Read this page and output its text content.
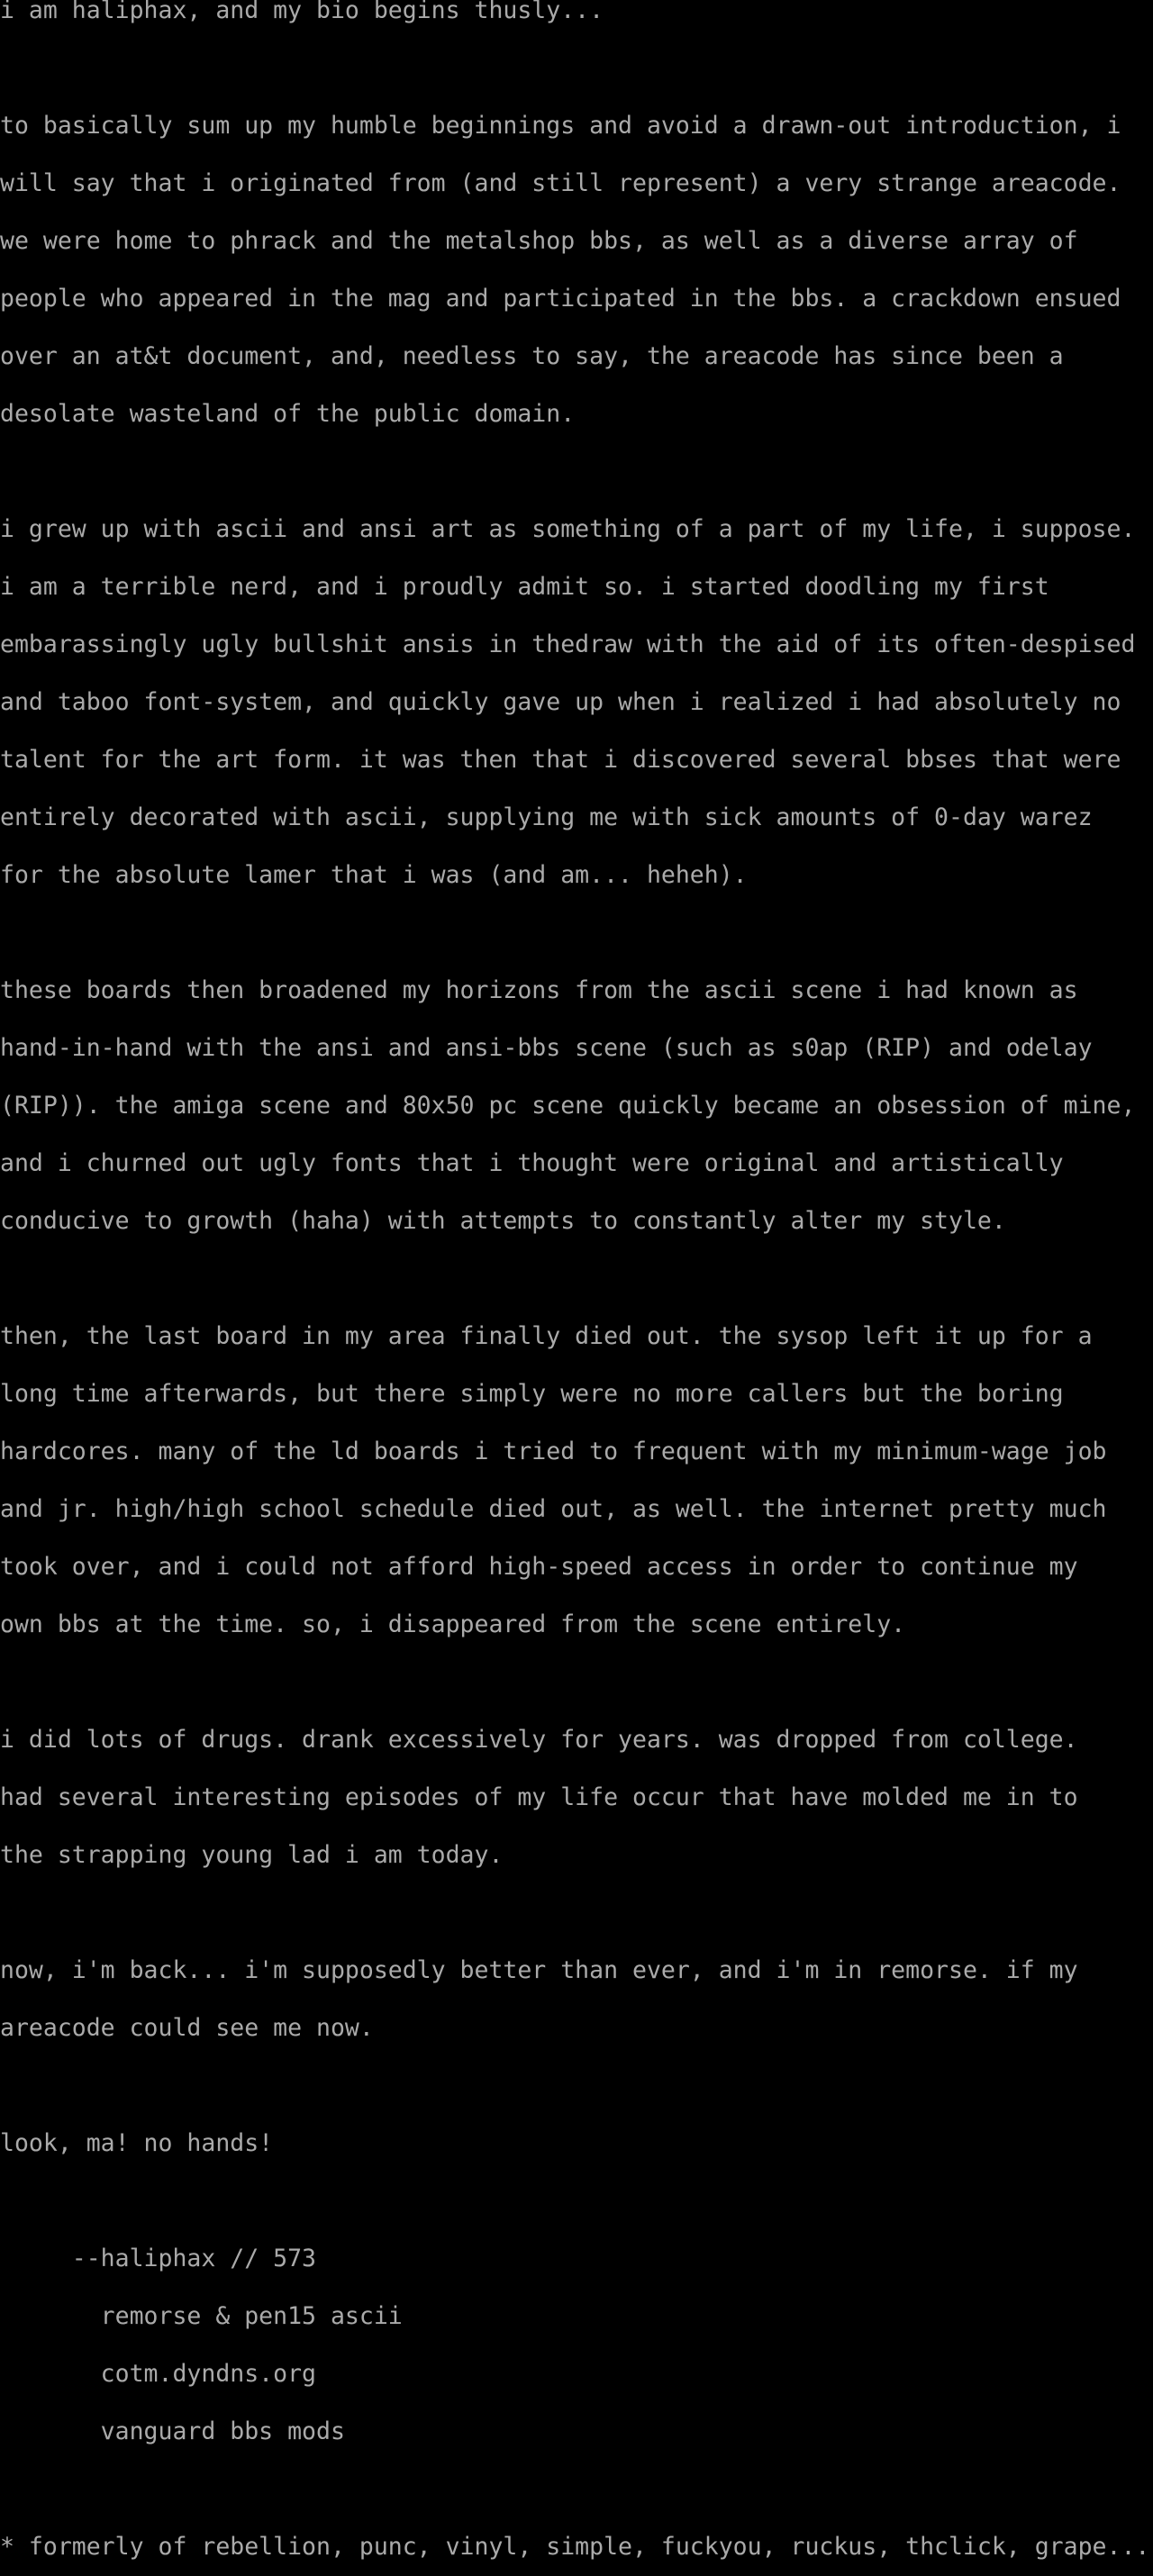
i am haliphax, and my bio begins thusly...
to basically sum up my humble beginnings and avoid a drawn-out introduction, i
will say that i originated from (and still represent) a very strange areacode.
we were home to phrack and the metalshop bbs, as well as a diverse array of
people who appeared in the mag and participated in the bbs. a crackdown ensued
over an at&t document, and, needless to say, the areacode has since been a
desolate wasteland of the public domain.
i grew up with ascii and ansi art as something of a part of my life, i suppose.
i am a terrible nerd, and i proudly admit so. i started doodling my first
embarassingly ugly bullshit ansis in thedraw with the aid of its often-despised
and taboo font-system, and quickly gave up when i realized i had absolutely no
talent for the art form. it was then that i discovered several bbses that were
entirely decorated with ascii, supplying me with sick amounts of 0-day warez
for the absolute lamer that i was (and am... heheh).
these boards then broadened my horizons from the ascii scene i had known as
hand-in-hand with the ansi and ansi-bbs scene (such as s0ap (RIP) and odelay
(RIP)). the amiga scene and 80x50 pc scene quickly became an obsession of mine,
and i churned out ugly fonts that i thought were original and artistically
conducive to growth (haha) with attempts to constantly alter my style.
then, the last board in my area finally died out. the sysop left it up for a
long time afterwards, but there simply were no more callers but the boring
hardcores. many of the ld boards i tried to frequent with my minimum-wage job
and jr. high/high school schedule died out, as well. the internet pretty much
took over, and i could not afford high-speed access in order to continue my
own bbs at the time. so, i disappeared from the scene entirely.
i did lots of drugs. drank excessively for years. was dropped from college.
had several interesting episodes of my life occur that have molded me in to
the strapping young lad i am today.
now, i'm back... i'm supposedly better than ever, and i'm in remorse. if my
areacode could see me now.
look, ma! no hands!
--haliphax // 573
remorse & pen15 ascii
cotm.dyndns.org
vanguard bbs mods
* formerly of rebellion, punc, vinyl, simple, fuckyou, ruckus, thclick, grape...
